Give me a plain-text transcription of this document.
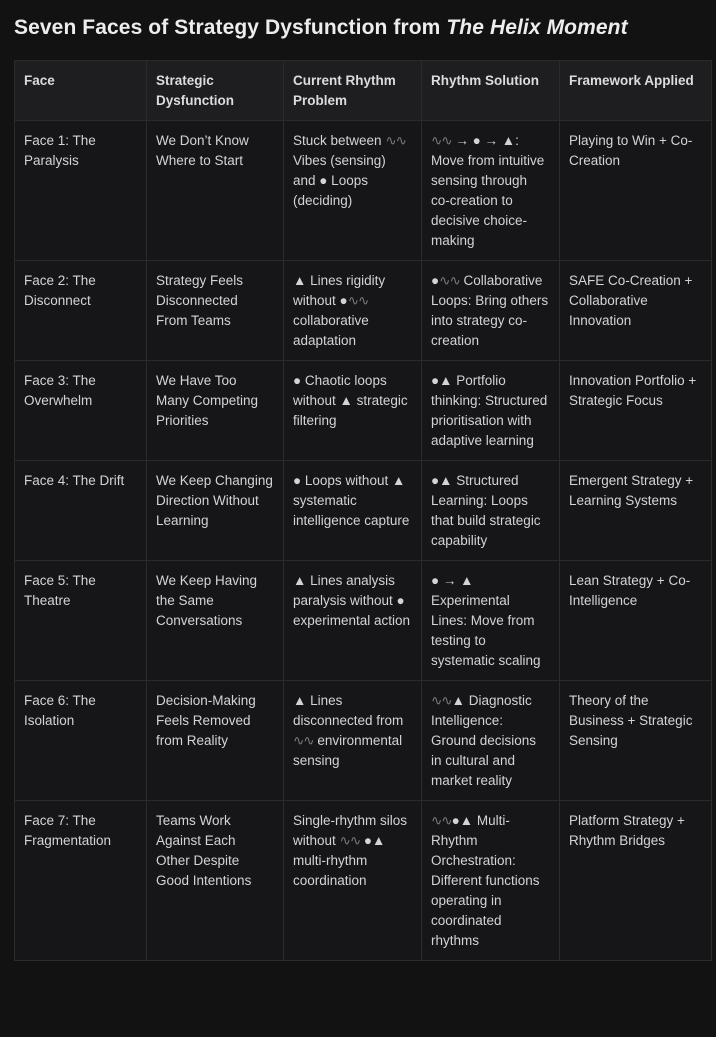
Seven Faces of Strategy Dysfunction from The Helix Moment
Face	Strategic Dysfunction	Current Rhythm Problem	Rhythm Solution	Framework Applied
Face 1: The Paralysis	We Don’t Know Where to Start	Stuck between ∿∿ Vibes (sensing) and ● Loops (deciding)	∿∿ → ● → ▲: Move from intuitive sensing through co-creation to decisive choice-making	Playing to Win + Co-Creation
Face 2: The Disconnect	Strategy Feels Disconnected From Teams	▲ Lines rigidity without ●∿∿ collaborative adaptation	●∿∿ Collaborative Loops: Bring others into strategy co-creation	SAFE Co-Creation + Collaborative Innovation
Face 3: The Overwhelm	We Have Too Many Competing Priorities	● Chaotic loops without ▲ strategic filtering	●▲ Portfolio thinking: Structured prioritisation with adaptive learning	Innovation Portfolio + Strategic Focus
Face 4: The Drift	We Keep Changing Direction Without Learning	● Loops without ▲ systematic intelligence capture	●▲ Structured Learning: Loops that build strategic capability	Emergent Strategy + Learning Systems
Face 5: The Theatre	We Keep Having the Same Conversations	▲ Lines analysis paralysis without ● experimental action	● → ▲ Experimental Lines: Move from testing to systematic scaling	Lean Strategy + Co-Intelligence
Face 6: The Isolation	Decision-Making Feels Removed from Reality	▲ Lines disconnected from ∿∿ environmental sensing	∿∿▲ Diagnostic Intelligence: Ground decisions in cultural and market reality	Theory of the Business + Strategic Sensing
Face 7: The Fragmentation	Teams Work Against Each Other Despite Good Intentions	Single-rhythm silos without ∿∿ ●▲ multi-rhythm coordination	∿∿●▲ Multi-Rhythm Orchestration: Different functions operating in coordinated rhythms	Platform Strategy + Rhythm Bridges
